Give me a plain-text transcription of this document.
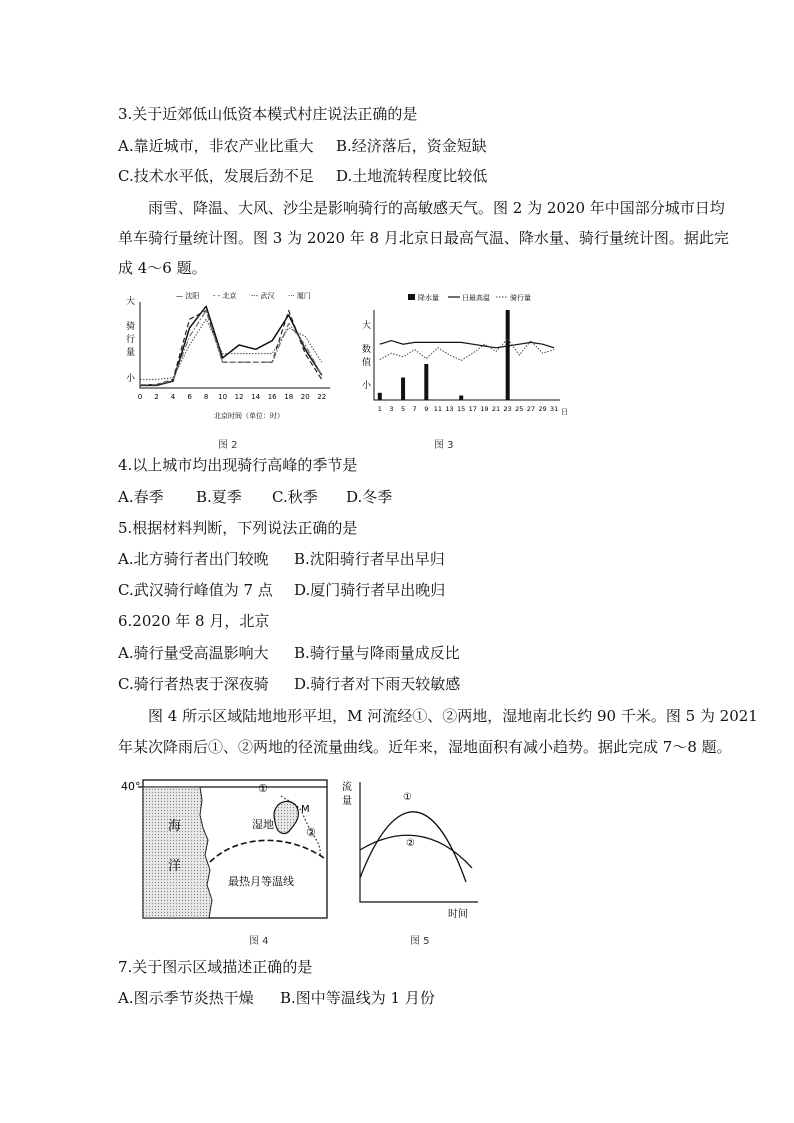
3.关于近郊低山低资本模式村庄说法正确的是
A.靠近城市，非农产业比重大 B.经济落后，资金短缺
C.技术水平低，发展后劲不足 D.土地流转程度比较低
雨雪、降温、大风、沙尘是影响骑行的高敏感天气。图 2 为 2020 年中国部分城市日均
单车骑行量统计图。图 3 为 2020 年 8 月北京日最高气温、降水量、骑行量统计图。据此完
成 4～6 题。
大
骑
行
量
小
— 沈阳 - - 北京 -·- 武汉 ··· 厦门
0 2 4 6 8 10 12 14 16 18 20 22
北京时间（单位：时）
图 2
降水量	日最高温	骑行量
大
数
值
小
1 3 5 7 9 11 13 15 17 19 21 23 25 27 29 31 日
图 3
4.以上城市均出现骑行高峰的季节是
A.春季 B.夏季 C.秋季 D.冬季
5.根据材料判断，下列说法正确的是
A.北方骑行者出门较晚 B.沈阳骑行者早出早归
C.武汉骑行峰值为 7 点 D.厦门骑行者早出晚归
6.2020 年 8 月，北京
A.骑行量受高温影响大 B.骑行量与降雨量成反比
C.骑行者热衷于深夜骑 D.骑行者对下雨天较敏感
图 4 所示区域陆地地形平坦，M 河流经①、②两地，湿地南北长约 90 千米。图 5 为 2021
年某次降雨后①、②两地的径流量曲线。近年来，湿地面积有减小趋势。据此完成 7～8 题。
40°
海
洋
湿地
M
①
②
最热月等温线
图 4
流
量	①
②
时间
图 5
7.关于图示区域描述正确的是
A.图示季节炎热干燥 B.图中等温线为 1 月份
